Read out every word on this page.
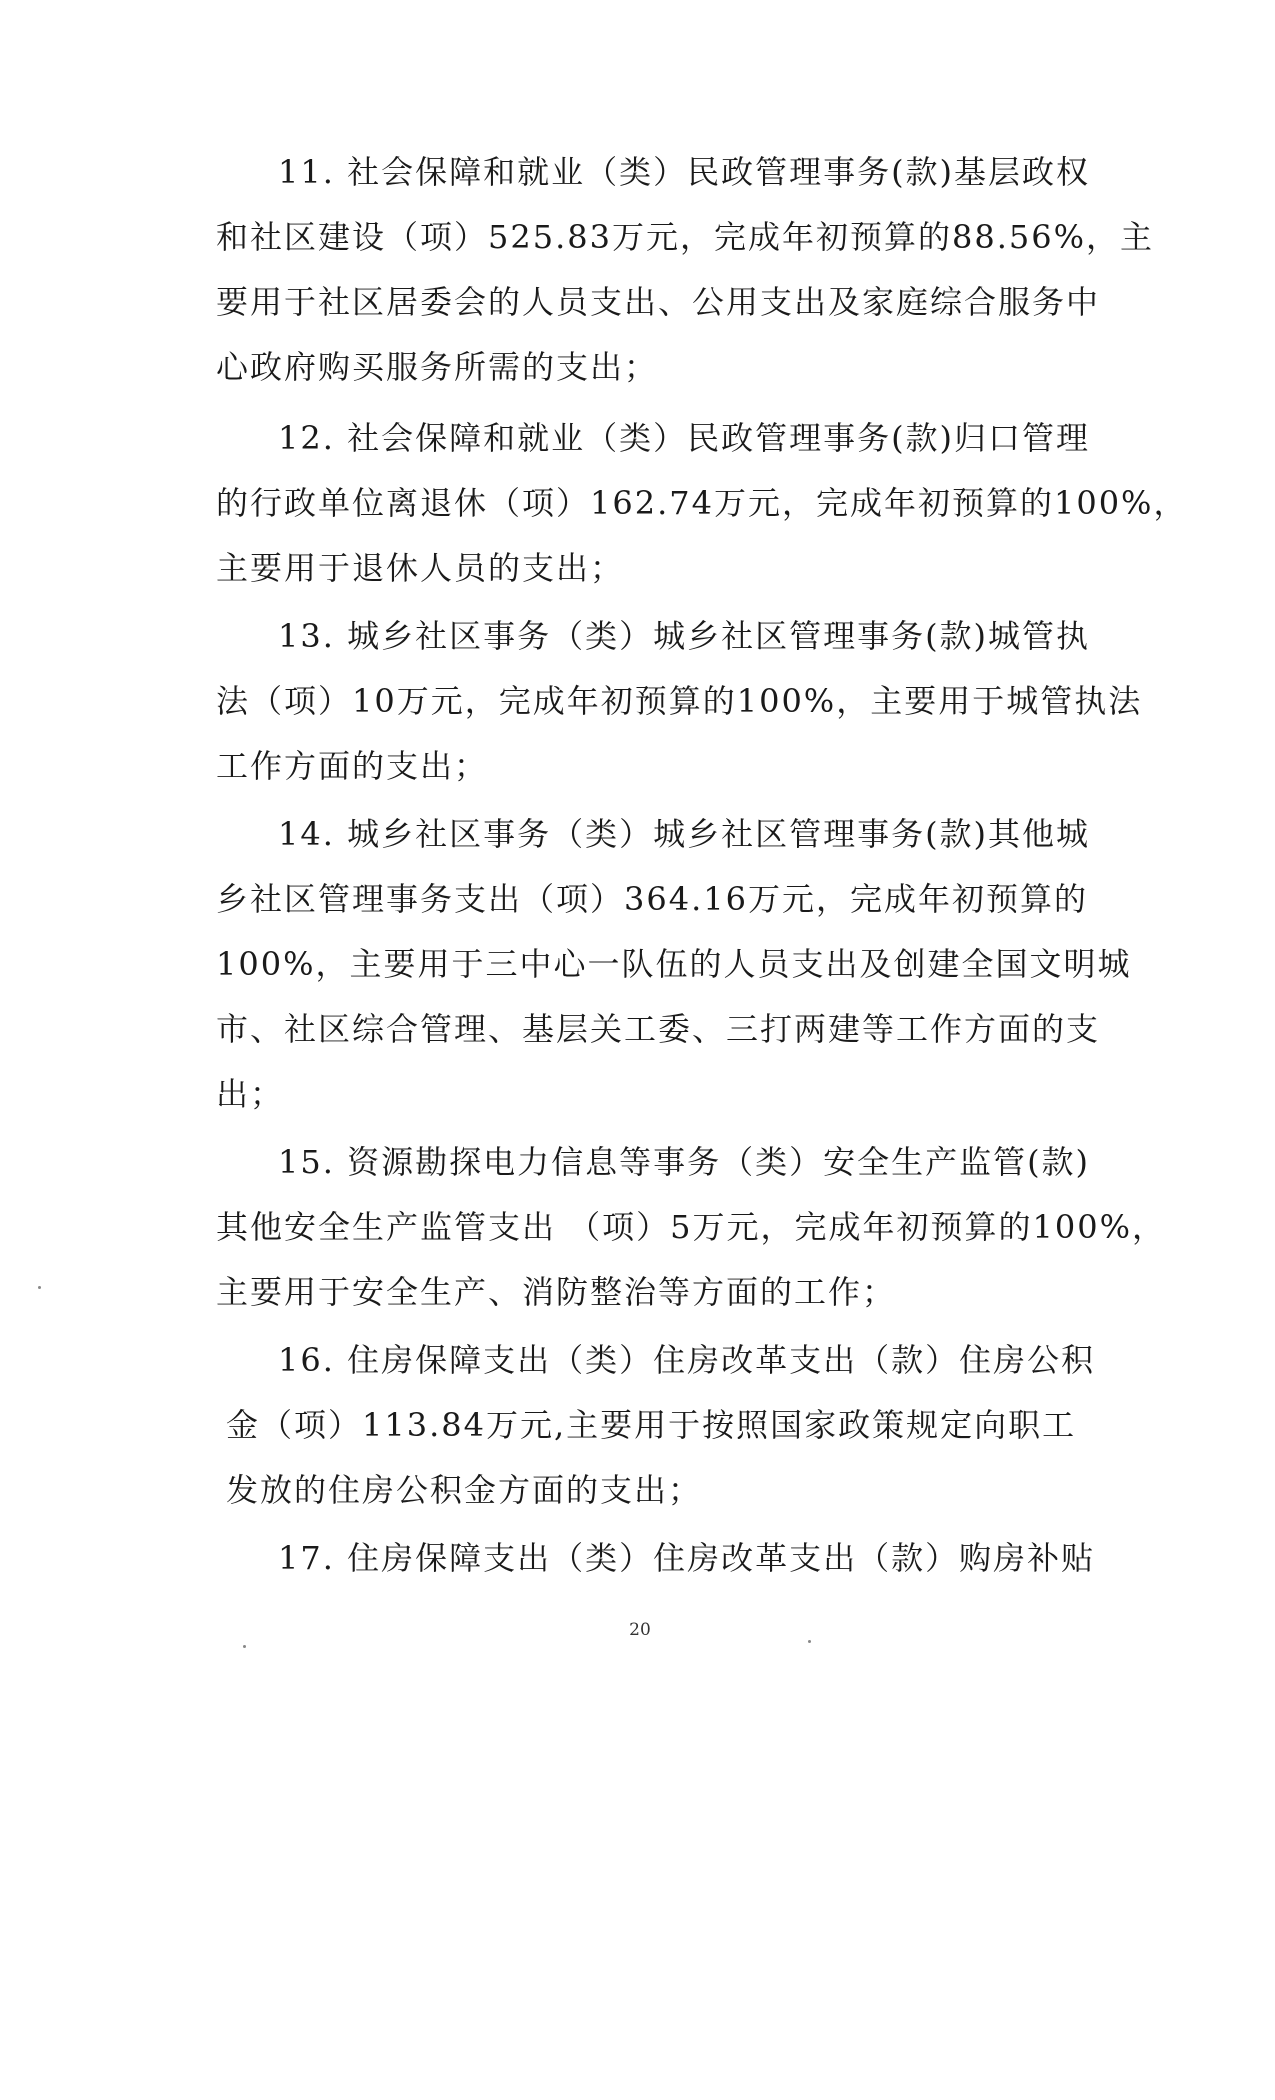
11. 社会保障和就业（类）民政管理事务(款)基层政权
和社区建设（项）525.83万元，完成年初预算的88.56%，主
要用于社区居委会的人员支出、公用支出及家庭综合服务中
心政府购买服务所需的支出；
12. 社会保障和就业（类）民政管理事务(款)归口管理
的行政单位离退休（项）162.74万元，完成年初预算的100%，
主要用于退休人员的支出；
13. 城乡社区事务（类）城乡社区管理事务(款)城管执
法（项）10万元，完成年初预算的100%，主要用于城管执法
工作方面的支出；
14. 城乡社区事务（类）城乡社区管理事务(款)其他城
乡社区管理事务支出（项）364.16万元，完成年初预算的
100%，主要用于三中心一队伍的人员支出及创建全国文明城
市、社区综合管理、基层关工委、三打两建等工作方面的支
出；
15. 资源勘探电力信息等事务（类）安全生产监管(款)
其他安全生产监管支出 （项）5万元，完成年初预算的100%，
主要用于安全生产、消防整治等方面的工作；
16. 住房保障支出（类）住房改革支出（款）住房公积
金（项）113.84万元,主要用于按照国家政策规定向职工
发放的住房公积金方面的支出；
17. 住房保障支出（类）住房改革支出（款）购房补贴
20
